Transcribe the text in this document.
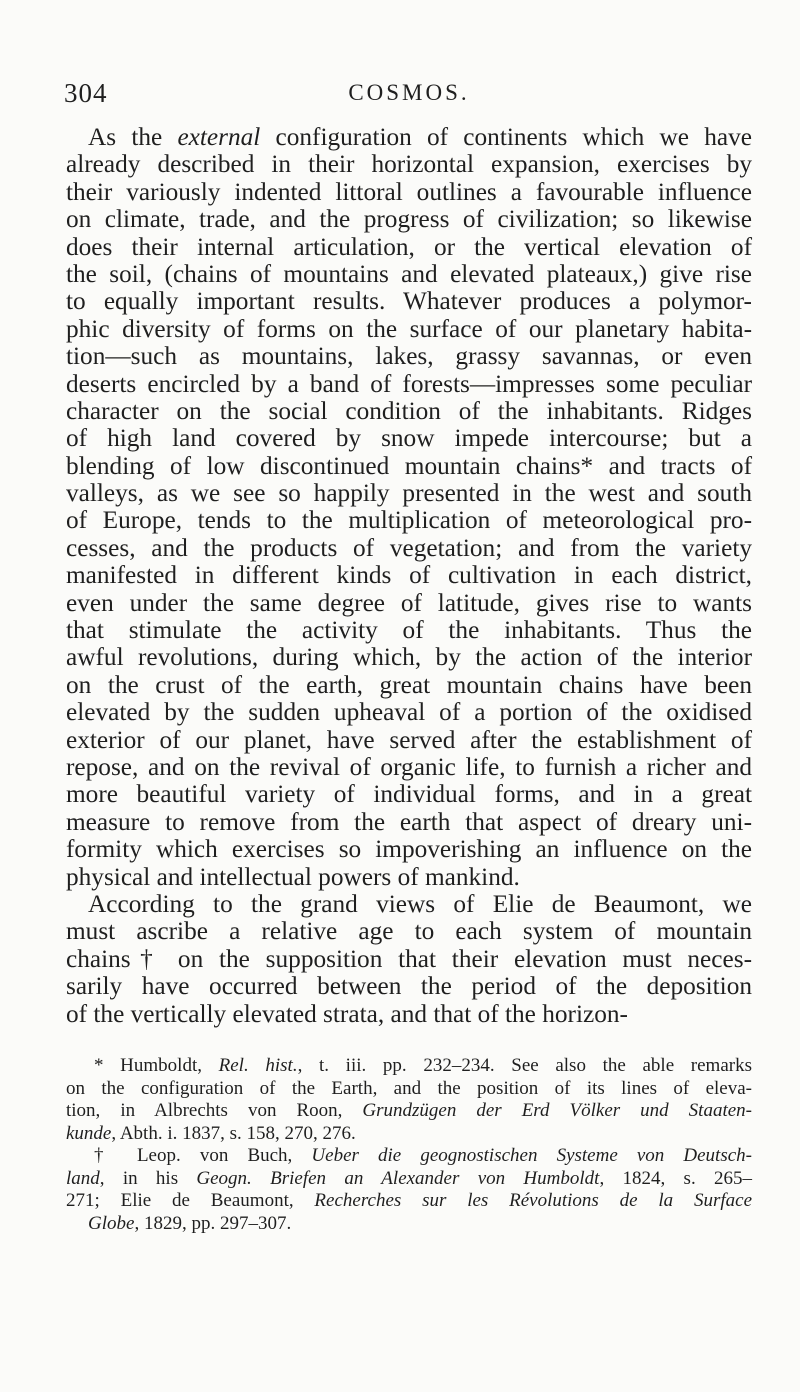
304	COSMOS.
As the external configuration of continents which we have
already described in their horizontal expansion, exercises by
their variously indented littoral outlines a favourable influence
on climate, trade, and the progress of civilization; so likewise
does their internal articulation, or the vertical elevation of
the soil, (chains of mountains and elevated plateaux,) give rise
to equally important results. Whatever produces a polymor-
phic diversity of forms on the surface of our planetary habita-
tion—such as mountains, lakes, grassy savannas, or even
deserts encircled by a band of forests—impresses some peculiar
character on the social condition of the inhabitants. Ridges
of high land covered by snow impede intercourse; but a
blending of low discontinued mountain chains* and tracts of
valleys, as we see so happily presented in the west and south
of Europe, tends to the multiplication of meteorological pro-
cesses, and the products of vegetation; and from the variety
manifested in different kinds of cultivation in each district,
even under the same degree of latitude, gives rise to wants
that stimulate the activity of the inhabitants. Thus the
awful revolutions, during which, by the action of the interior
on the crust of the earth, great mountain chains have been
elevated by the sudden upheaval of a portion of the oxidised
exterior of our planet, have served after the establishment of
repose, and on the revival of organic life, to furnish a richer and
more beautiful variety of individual forms, and in a great
measure to remove from the earth that aspect of dreary uni-
formity which exercises so impoverishing an influence on the
physical and intellectual powers of mankind.
According to the grand views of Elie de Beaumont, we
must ascribe a relative age to each system of mountain
chains† on the supposition that their elevation must neces-
sarily have occurred between the period of the deposition
of the vertically elevated strata, and that of the horizon-
* Humboldt, Rel. hist., t. iii. pp. 232–234. See also the able remarks
on the configuration of the Earth, and the position of its lines of eleva-
tion, in Albrechts von Roon, Grundzügen der Erd Völker und Staaten-
kunde, Abth. i. 1837, s. 158, 270, 276.
† Leop. von Buch, Ueber die geognostischen Systeme von Deutsch-
land, in his Geogn. Briefen an Alexander von Humboldt, 1824, s. 265–
271; Elie de Beaumont, Recherches sur les Révolutions de la Surface
Globe, 1829, pp. 297–307.
